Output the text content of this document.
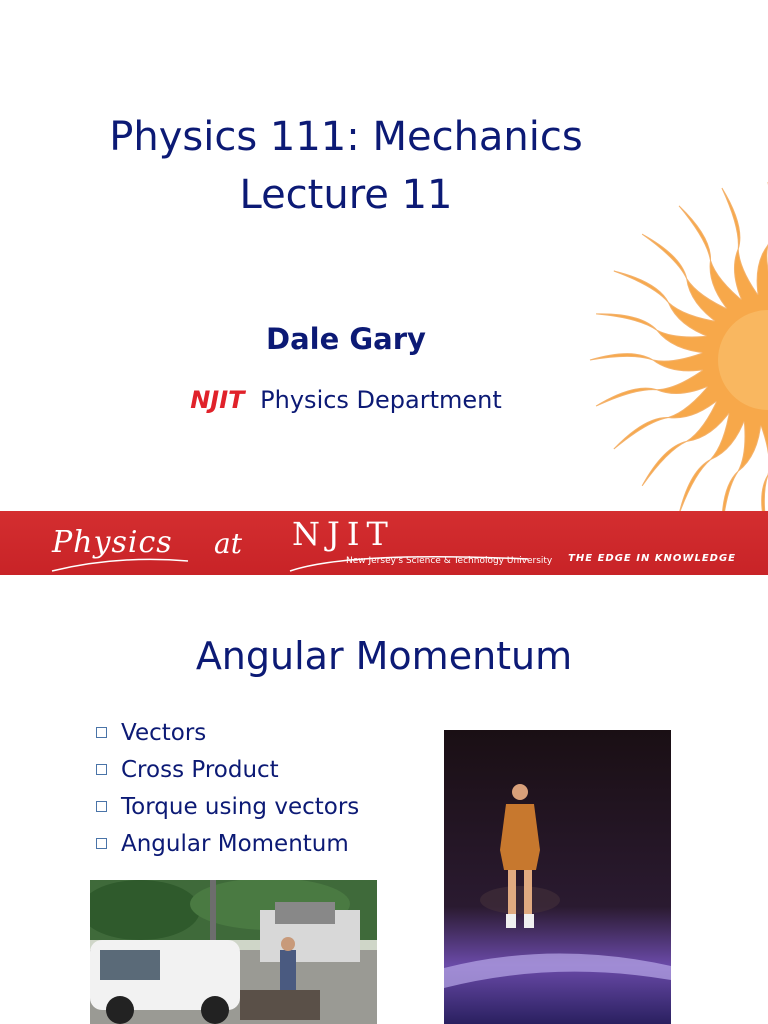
Physics 111: Mechanics
Lecture 11
Dale Gary
NJIT Physics Department
Physics at NJIT
New Jersey's Science & Technology University THE EDGE IN KNOWLEDGE
Angular Momentum
Vectors
Cross Product
Torque using vectors
Angular Momentum
